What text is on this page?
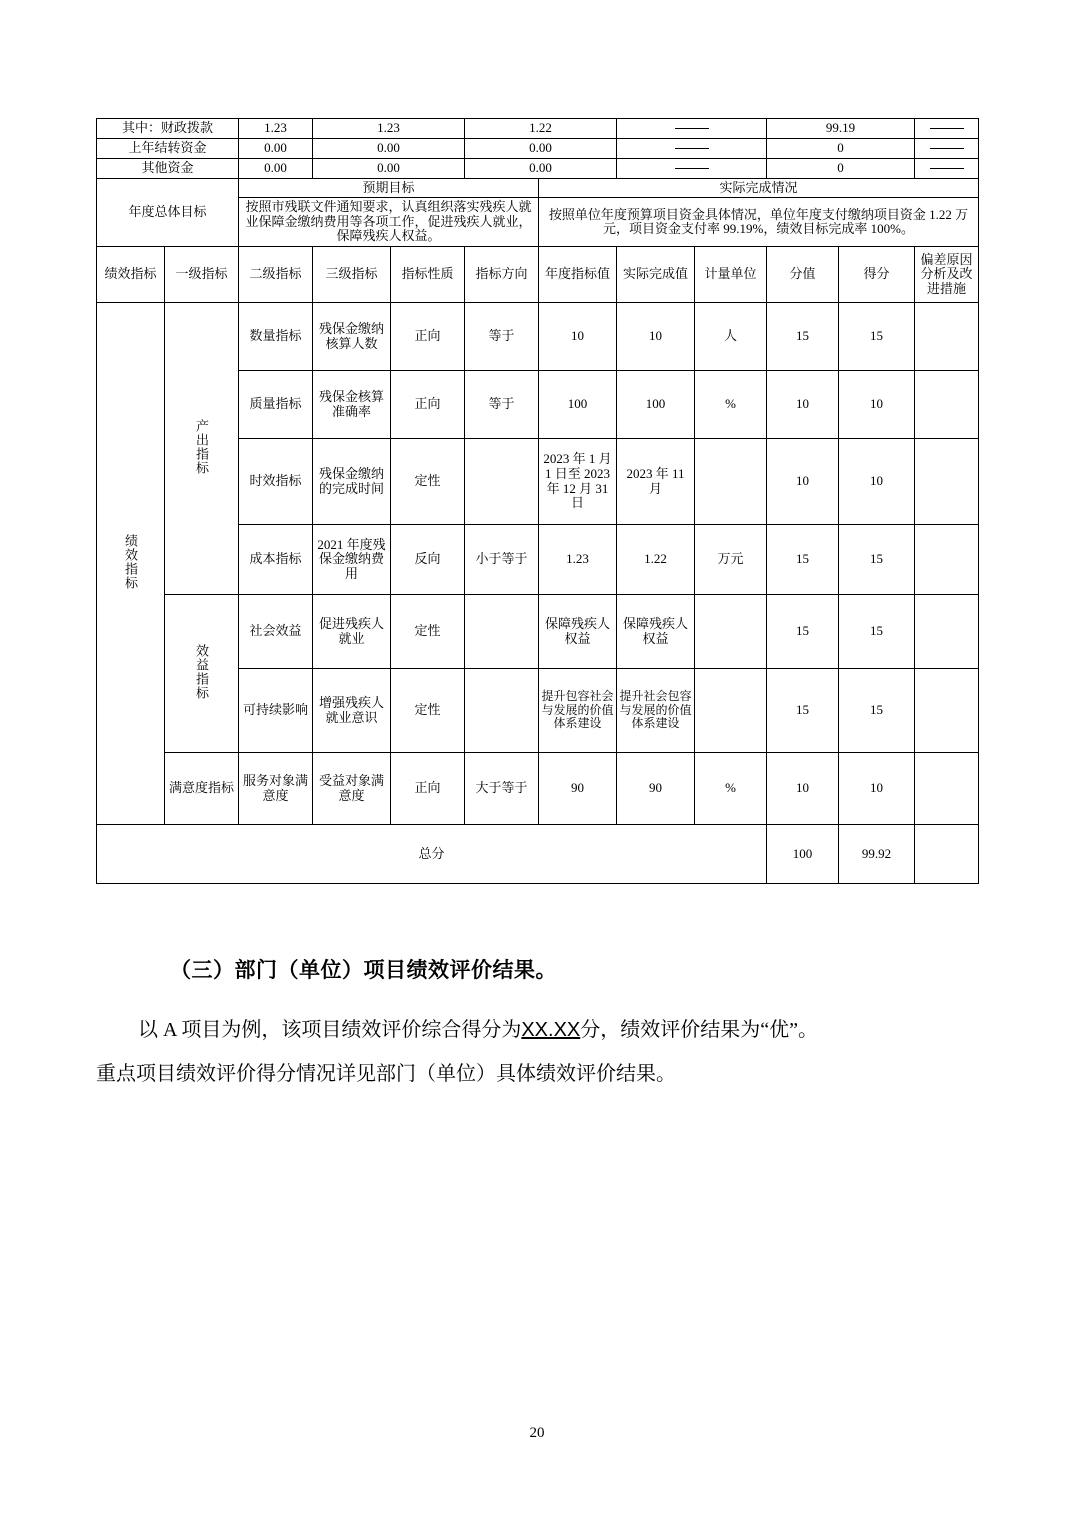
其中：财政拨款		1.23	1.23		1.22				99.19		

上年结转资金		0.00	0.00		0.00				0		

其他资金		0.00	0.00		0.00				0		
年度总体目标		预期目标				实际完成情况					
		按照市残联文件通知要求，认真组织落实残疾人就业保障金缴纳费用等各项工作，促进残疾人就业，保障残疾人权益。				按照单位年度预算项目资金具体情况，单位年度支付缴纳项目资金 1.22 万元，项目资金支付率 99.19%，绩效目标完成率 100%。					
绩效指标	一级指标	二级指标	三级指标	指标性质	指标方向	年度指标值	实际完成值	计量单位	分值	得分	偏差原因分析及改进措施
绩效指标	产出指标	数量指标	残保金缴纳核算人数	正向	等于	10	10	人	15	15	
		质量指标	残保金核算准确率	正向	等于	100	100	%	10	10	
		时效指标	残保金缴纳的完成时间	定性		2023 年 1 月 1 日至 2023 年 12 月 31 日	2023 年 11 月		10	10	
		成本指标	2021 年度残保金缴纳费用	反向	小于等于	1.23	1.22	万元	15	15	
	效益指标	社会效益	促进残疾人就业	定性		保障残疾人权益	保障残疾人权益		15	15	
		可持续影响	增强残疾人就业意识	定性		提升包容社会与发展的价值体系建设	提升社会包容与发展的价值体系建设		15	15	

	满意度指标	服务对象满意度	受益对象满意度	正向	大于等于	90	90	%	10	10	
总分									100	99.92	
（三）部门（单位）项目绩效评价结果。

以 A 项目为例，该项目绩效评价综合得分为XX.XX分，绩效评价结果为“优”。

重点项目绩效评价得分情况详见部门（单位）具体绩效评价结果。

20
